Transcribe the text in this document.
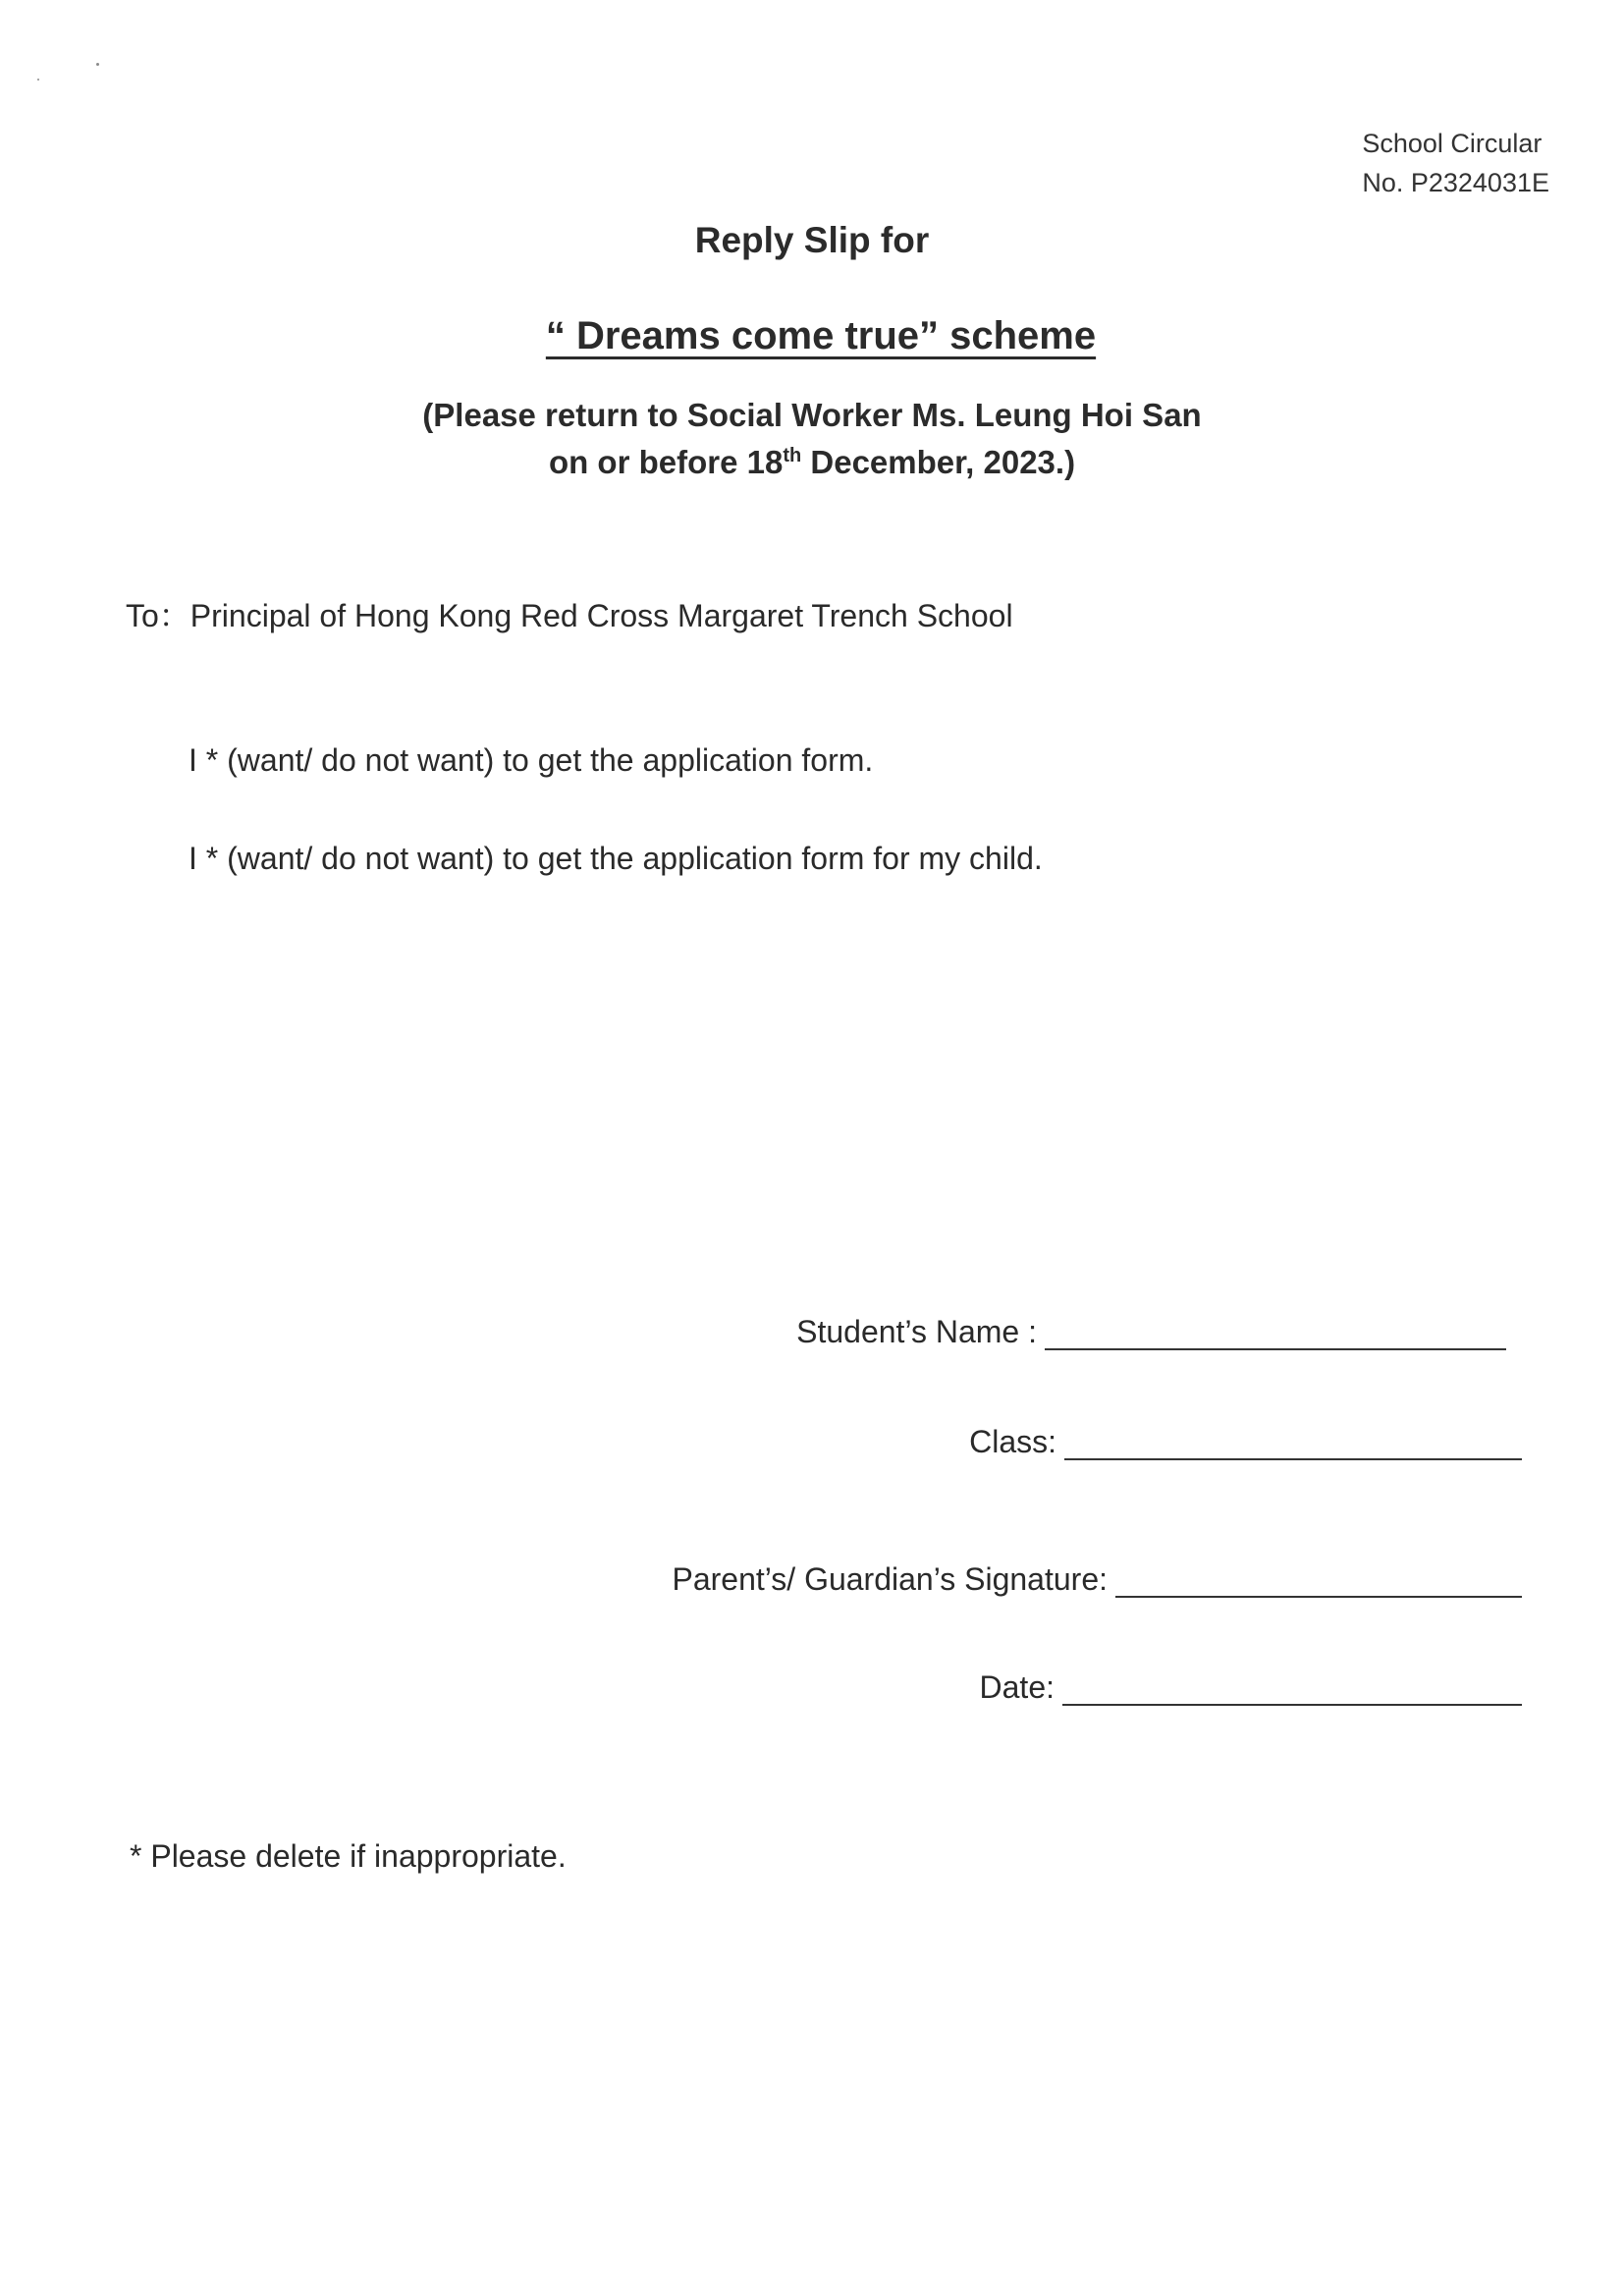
School Circular
No. P2324031E
Reply Slip for
“ Dreams come true” scheme
(Please return to Social Worker Ms. Leung Hoi San
on or before 18th December, 2023.)
To：Principal of Hong Kong Red Cross Margaret Trench School
I * (want/ do not want) to get the application form.
I * (want/ do not want) to get the application form for my child.
Student’s Name :
Class:
Parent’s/ Guardian’s Signature:
Date:
* Please delete if inappropriate.
